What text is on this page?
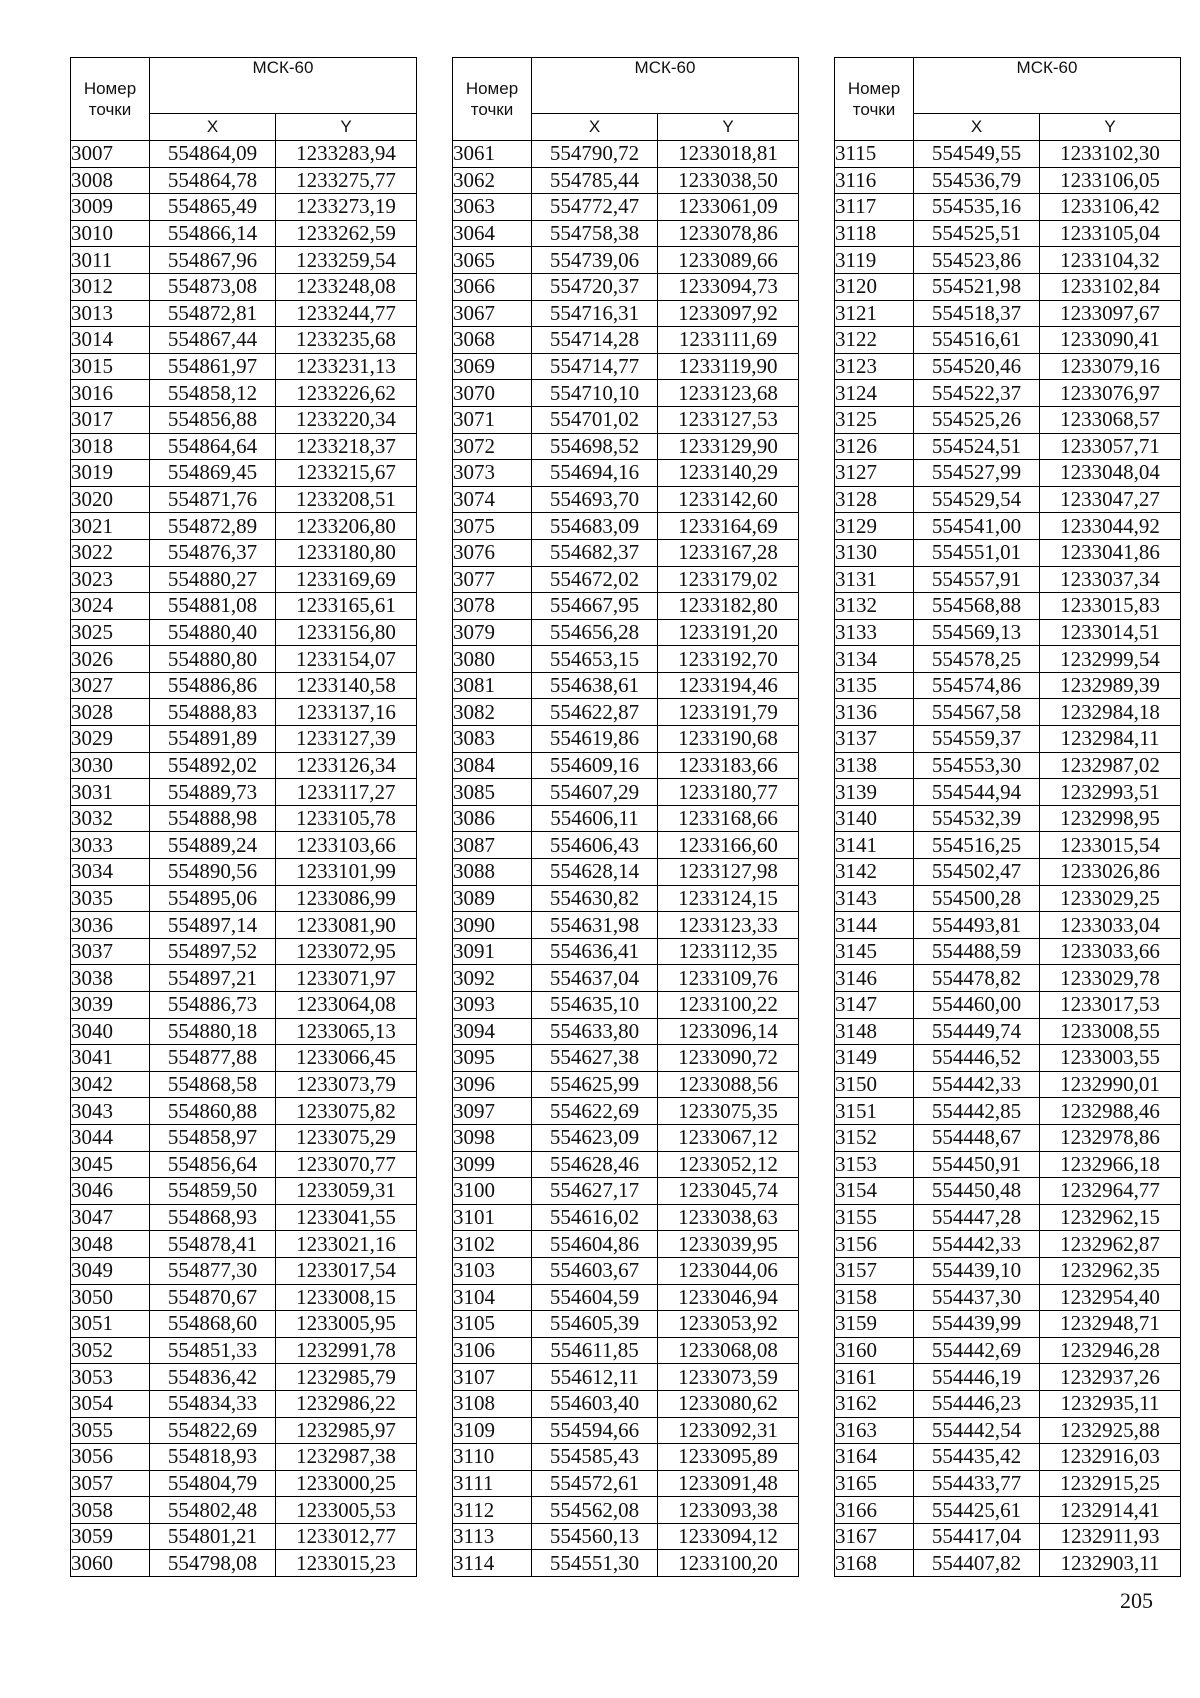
Номер
точки	МСК-60	
	X	Y
3007	554864,09	1233283,94
3008	554864,78	1233275,77
3009	554865,49	1233273,19
3010	554866,14	1233262,59
3011	554867,96	1233259,54
3012	554873,08	1233248,08
3013	554872,81	1233244,77
3014	554867,44	1233235,68
3015	554861,97	1233231,13
3016	554858,12	1233226,62
3017	554856,88	1233220,34
3018	554864,64	1233218,37
3019	554869,45	1233215,67
3020	554871,76	1233208,51
3021	554872,89	1233206,80
3022	554876,37	1233180,80
3023	554880,27	1233169,69
3024	554881,08	1233165,61
3025	554880,40	1233156,80
3026	554880,80	1233154,07
3027	554886,86	1233140,58
3028	554888,83	1233137,16
3029	554891,89	1233127,39
3030	554892,02	1233126,34
3031	554889,73	1233117,27
3032	554888,98	1233105,78
3033	554889,24	1233103,66
3034	554890,56	1233101,99
3035	554895,06	1233086,99
3036	554897,14	1233081,90
3037	554897,52	1233072,95
3038	554897,21	1233071,97
3039	554886,73	1233064,08
3040	554880,18	1233065,13
3041	554877,88	1233066,45
3042	554868,58	1233073,79
3043	554860,88	1233075,82
3044	554858,97	1233075,29
3045	554856,64	1233070,77
3046	554859,50	1233059,31
3047	554868,93	1233041,55
3048	554878,41	1233021,16
3049	554877,30	1233017,54
3050	554870,67	1233008,15
3051	554868,60	1233005,95
3052	554851,33	1232991,78
3053	554836,42	1232985,79
3054	554834,33	1232986,22
3055	554822,69	1232985,97
3056	554818,93	1232987,38
3057	554804,79	1233000,25
3058	554802,48	1233005,53
3059	554801,21	1233012,77
3060	554798,08	1233015,23
Номер
точки	МСК-60	
	X	Y
3061	554790,72	1233018,81
3062	554785,44	1233038,50
3063	554772,47	1233061,09
3064	554758,38	1233078,86
3065	554739,06	1233089,66
3066	554720,37	1233094,73
3067	554716,31	1233097,92
3068	554714,28	1233111,69
3069	554714,77	1233119,90
3070	554710,10	1233123,68
3071	554701,02	1233127,53
3072	554698,52	1233129,90
3073	554694,16	1233140,29
3074	554693,70	1233142,60
3075	554683,09	1233164,69
3076	554682,37	1233167,28
3077	554672,02	1233179,02
3078	554667,95	1233182,80
3079	554656,28	1233191,20
3080	554653,15	1233192,70
3081	554638,61	1233194,46
3082	554622,87	1233191,79
3083	554619,86	1233190,68
3084	554609,16	1233183,66
3085	554607,29	1233180,77
3086	554606,11	1233168,66
3087	554606,43	1233166,60
3088	554628,14	1233127,98
3089	554630,82	1233124,15
3090	554631,98	1233123,33
3091	554636,41	1233112,35
3092	554637,04	1233109,76
3093	554635,10	1233100,22
3094	554633,80	1233096,14
3095	554627,38	1233090,72
3096	554625,99	1233088,56
3097	554622,69	1233075,35
3098	554623,09	1233067,12
3099	554628,46	1233052,12
3100	554627,17	1233045,74
3101	554616,02	1233038,63
3102	554604,86	1233039,95
3103	554603,67	1233044,06
3104	554604,59	1233046,94
3105	554605,39	1233053,92
3106	554611,85	1233068,08
3107	554612,11	1233073,59
3108	554603,40	1233080,62
3109	554594,66	1233092,31
3110	554585,43	1233095,89
3111	554572,61	1233091,48
3112	554562,08	1233093,38
3113	554560,13	1233094,12
3114	554551,30	1233100,20
Номер
точки	МСК-60	
	X	Y
3115	554549,55	1233102,30
3116	554536,79	1233106,05
3117	554535,16	1233106,42
3118	554525,51	1233105,04
3119	554523,86	1233104,32
3120	554521,98	1233102,84
3121	554518,37	1233097,67
3122	554516,61	1233090,41
3123	554520,46	1233079,16
3124	554522,37	1233076,97
3125	554525,26	1233068,57
3126	554524,51	1233057,71
3127	554527,99	1233048,04
3128	554529,54	1233047,27
3129	554541,00	1233044,92
3130	554551,01	1233041,86
3131	554557,91	1233037,34
3132	554568,88	1233015,83
3133	554569,13	1233014,51
3134	554578,25	1232999,54
3135	554574,86	1232989,39
3136	554567,58	1232984,18
3137	554559,37	1232984,11
3138	554553,30	1232987,02
3139	554544,94	1232993,51
3140	554532,39	1232998,95
3141	554516,25	1233015,54
3142	554502,47	1233026,86
3143	554500,28	1233029,25
3144	554493,81	1233033,04
3145	554488,59	1233033,66
3146	554478,82	1233029,78
3147	554460,00	1233017,53
3148	554449,74	1233008,55
3149	554446,52	1233003,55
3150	554442,33	1232990,01
3151	554442,85	1232988,46
3152	554448,67	1232978,86
3153	554450,91	1232966,18
3154	554450,48	1232964,77
3155	554447,28	1232962,15
3156	554442,33	1232962,87
3157	554439,10	1232962,35
3158	554437,30	1232954,40
3159	554439,99	1232948,71
3160	554442,69	1232946,28
3161	554446,19	1232937,26
3162	554446,23	1232935,11
3163	554442,54	1232925,88
3164	554435,42	1232916,03
3165	554433,77	1232915,25
3166	554425,61	1232914,41
3167	554417,04	1232911,93
3168	554407,82	1232903,11
205
